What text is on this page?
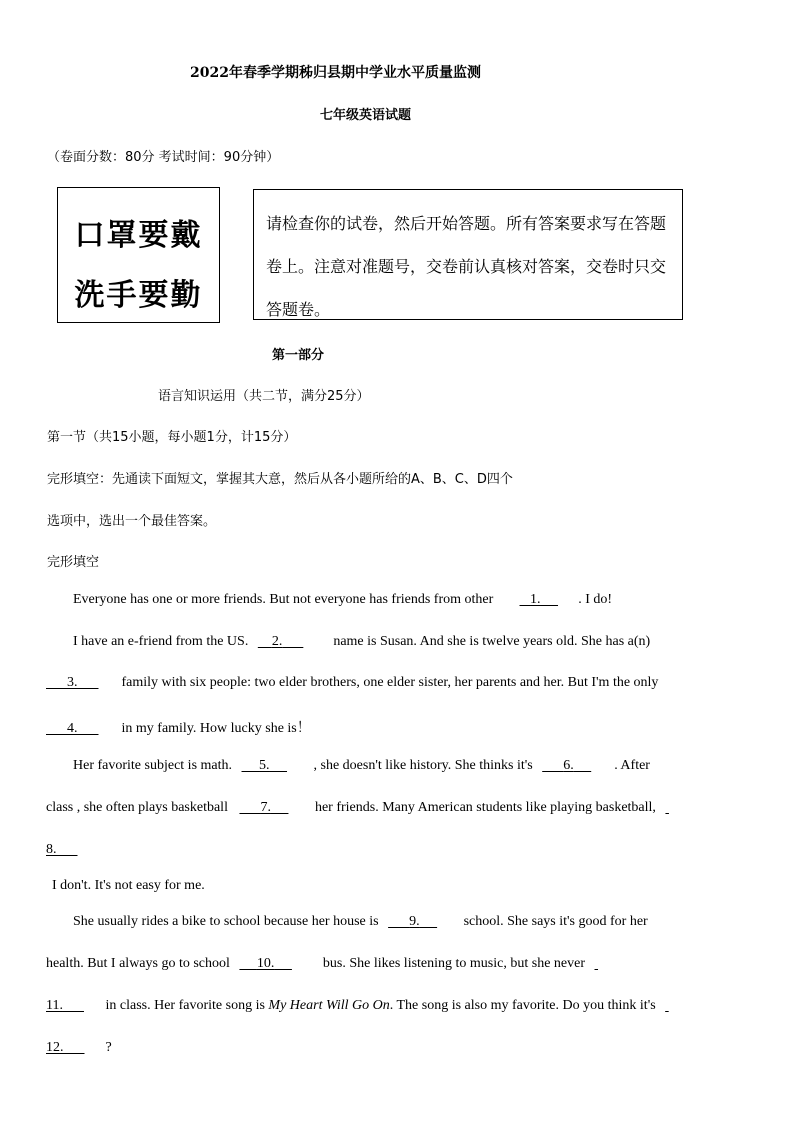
2022年春季学期秭归县期中学业水平质量监测
七年级英语试题
（卷面分数：80分 考试时间：90分钟）
口罩要戴
洗手要勤
请检查你的试卷，然后开始答题。所有答案要求写在答题卷上。注意对准题号，交卷前认真核对答案，交卷时只交答题卷。
第一部分
语言知识运用（共二节，满分25分）
第一节（共15小题，每小题1分，计15分）
完形填空：先通读下面短文，掌握其大意，然后从各小题所给的A、B、C、D四个
选项中，选出一个最佳答案。
完形填空
Everyone has one or more friends. But not everyone has friends from other	1.	. I do!
I have an e-friend from the US. 2.	name is Susan. And she is twelve years old. She has a(n)
3.	family with six people: two elder brothers, one elder sister, her parents and her. But I'm the only
4.	in my family. How lucky she is！
Her favorite subject is math. 5.	, she doesn't like history. She thinks it's 6.	. After
class , she often plays basketball 7.	her friends. Many American students like playing basketball,
8.
I don't. It's not easy for me.
She usually rides a bike to school because her house is 9.	school. She says it's good for her
health. But I always go to school 10.	bus. She likes listening to music, but she never
11.	in class. Her favorite song is My Heart Will Go On. The song is also my favorite. Do you think it's
12.	?
